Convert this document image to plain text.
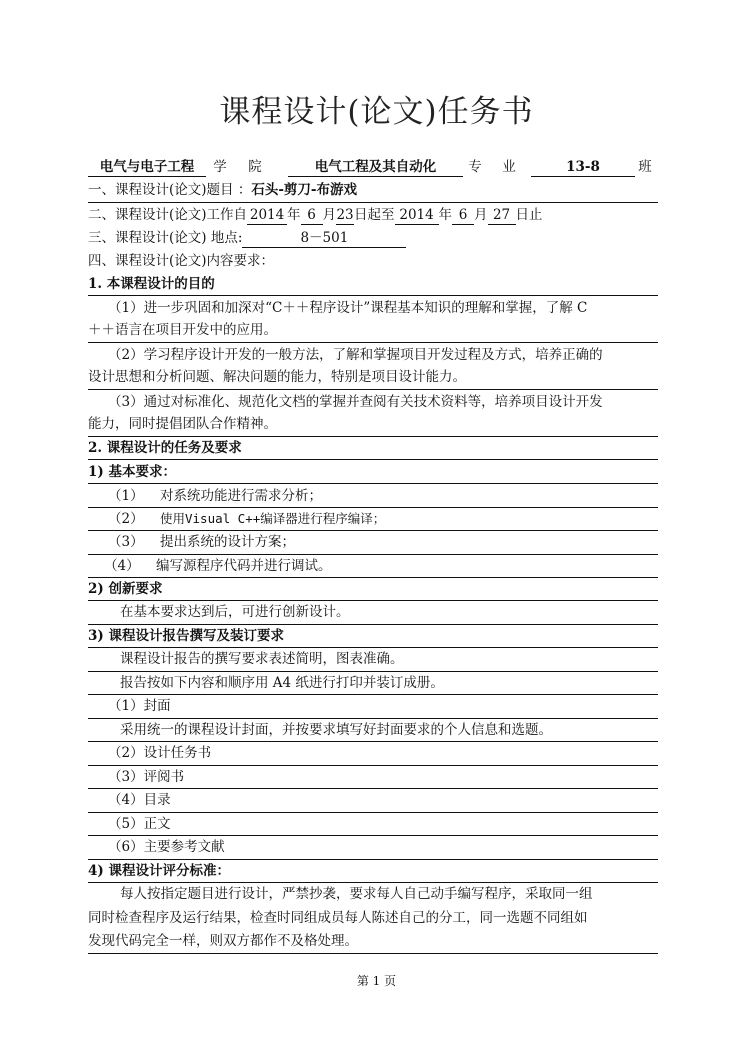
课程设计(论文)任务书
电气与电子工程 学 院	电气工程及其自动化 专 业	13-8	班
一、课程设计(论文)题目 ：石头-剪刀-布游戏
二、课程设计(论文)工作自 2014 年 6 月23日起至 2014 年 6 月 27 日止
三、课程设计(论文) 地点:	8－501
四、课程设计(论文)内容要求：
1. 本课程设计的目的
（1）进一步巩固和加深对“C＋＋程序设计”课程基本知识的理解和掌握，了解 C
＋＋语言在项目开发中的应用。
（2）学习程序设计开发的一般方法，了解和掌握项目开发过程及方式，培养正确的
设计思想和分析问题、解决问题的能力，特别是项目设计能力。
（3）通过对标准化、规范化文档的掌握并查阅有关技术资料等，培养项目设计开发
能力，同时提倡团队合作精神。
2. 课程设计的任务及要求
1) 基本要求：
（1） 对系统功能进行需求分析；
（2） 使用Visual C++编译器进行程序编译；
（3） 提出系统的设计方案；
（4） 编写源程序代码并进行调试。
2) 创新要求
在基本要求达到后，可进行创新设计。
3) 课程设计报告撰写及装订要求
课程设计报告的撰写要求表述简明，图表准确。
报告按如下内容和顺序用 A4 纸进行打印并装订成册。
（1）封面
采用统一的课程设计封面，并按要求填写好封面要求的个人信息和选题。
（2）设计任务书
（3）评阅书
（4）目录
（5）正文
（6）主要参考文献
4) 课程设计评分标准：
每人按指定题目进行设计，严禁抄袭，要求每人自己动手编写程序，采取同一组
同时检查程序及运行结果，检查时同组成员每人陈述自己的分工，同一选题不同组如
发现代码完全一样，则双方都作不及格处理。
第 1 页
